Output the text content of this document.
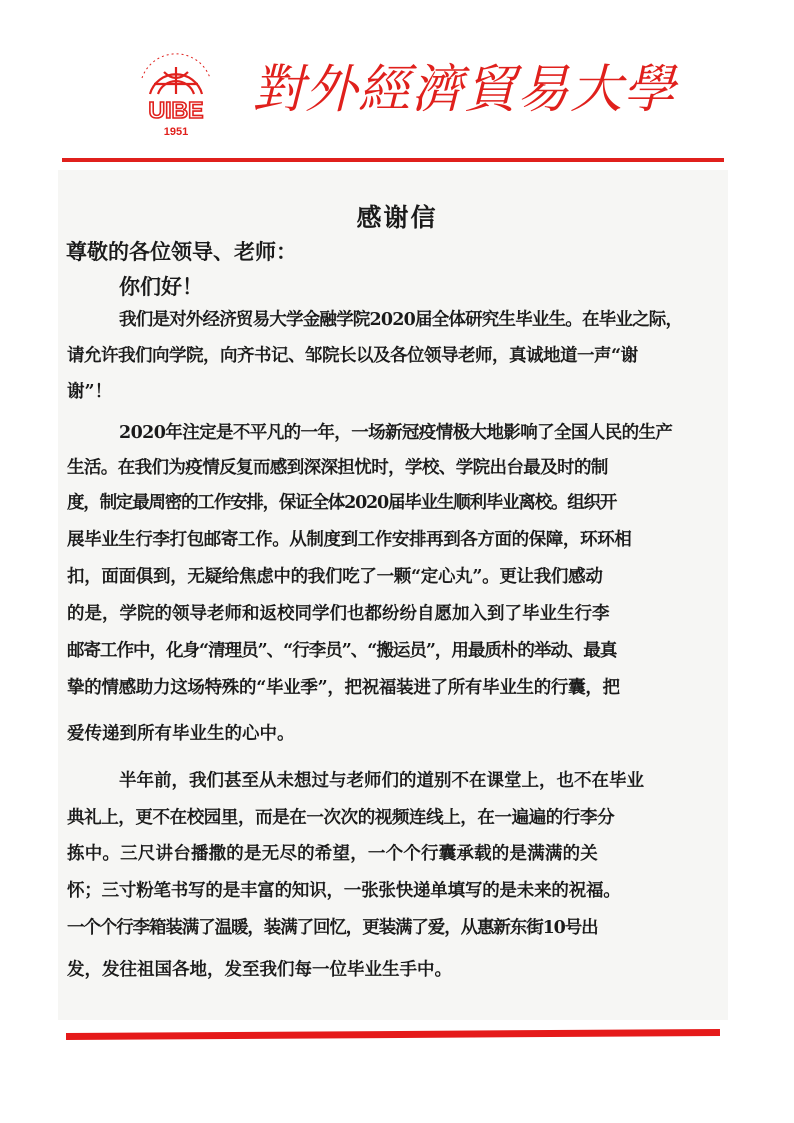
UIBE
1951
對外經濟貿易大學
感谢信
尊敬的各位领导、老师：
你们好！
我们是对外经济贸易大学金融学院2020届全体研究生毕业生。在毕业之际，
请允许我们向学院，向齐书记、邹院长以及各位领导老师，真诚地道一声“谢
谢”！
2020年注定是不平凡的一年，一场新冠疫情极大地影响了全国人民的生产
生活。在我们为疫情反复而感到深深担忧时，学校、学院出台最及时的制
度，制定最周密的工作安排，保证全体2020届毕业生顺利毕业离校。组织开
展毕业生行李打包邮寄工作。从制度到工作安排再到各方面的保障，环环相
扣，面面俱到，无疑给焦虑中的我们吃了一颗“定心丸”。更让我们感动
的是，学院的领导老师和返校同学们也都纷纷自愿加入到了毕业生行李
邮寄工作中，化身“清理员”、“行李员”、“搬运员”，用最质朴的举动、最真
挚的情感助力这场特殊的“毕业季”，把祝福装进了所有毕业生的行囊，把
爱传递到所有毕业生的心中。
半年前，我们甚至从未想过与老师们的道别不在课堂上，也不在毕业
典礼上，更不在校园里，而是在一次次的视频连线上，在一遍遍的行李分
拣中。三尺讲台播撒的是无尽的希望，一个个行囊承载的是满满的关
怀；三寸粉笔书写的是丰富的知识，一张张快递单填写的是未来的祝福。
一个个行李箱装满了温暖，装满了回忆，更装满了爱，从惠新东街10号出
发，发往祖国各地，发至我们每一位毕业生手中。
